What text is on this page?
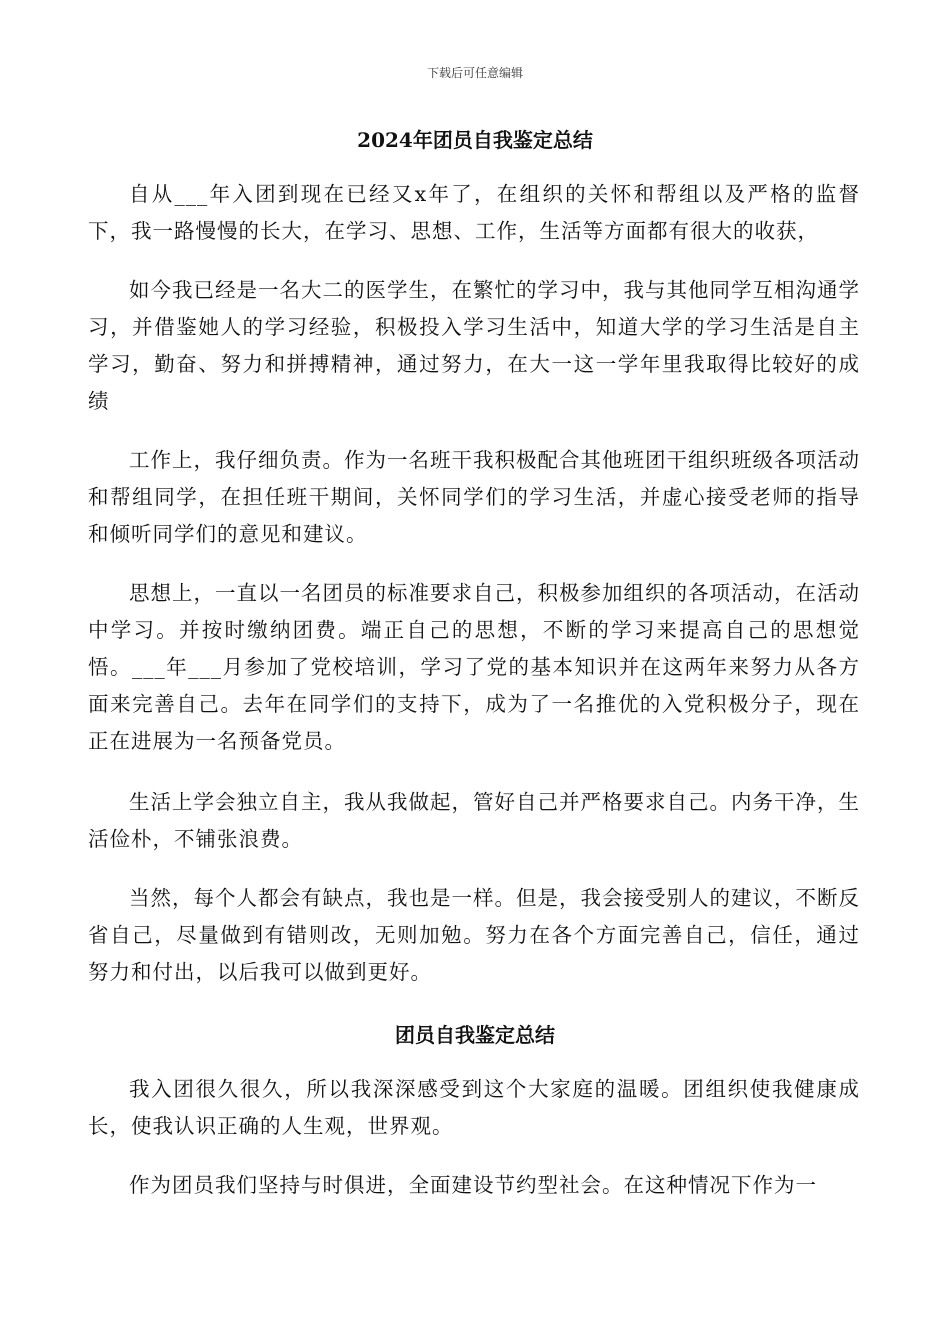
下载后可任意编辑
2024年团员自我鉴定总结

自从___年入团到现在已经又x年了，在组织的关怀和帮组以及严格的监督下，我一路慢慢的长大，在学习、思想、工作，生活等方面都有很大的收获，

如今我已经是一名大二的医学生，在繁忙的学习中，我与其他同学互相沟通学习，并借鉴她人的学习经验，积极投入学习生活中，知道大学的学习生活是自主学习，勤奋、努力和拼搏精神，通过努力，在大一这一学年里我取得比较好的成绩

工作上，我仔细负责。作为一名班干我积极配合其他班团干组织班级各项活动和帮组同学，在担任班干期间，关怀同学们的学习生活，并虚心接受老师的指导和倾听同学们的意见和建议。

思想上，一直以一名团员的标准要求自己，积极参加组织的各项活动，在活动中学习。并按时缴纳团费。端正自己的思想，不断的学习来提高自己的思想觉悟。___年___月参加了党校培训，学习了党的基本知识并在这两年来努力从各方面来完善自己。去年在同学们的支持下，成为了一名推优的入党积极分子，现在正在进展为一名预备党员。

生活上学会独立自主，我从我做起，管好自己并严格要求自己。内务干净，生活俭朴，不铺张浪费。

当然，每个人都会有缺点，我也是一样。但是，我会接受别人的建议，不断反省自己，尽量做到有错则改，无则加勉。努力在各个方面完善自己，信任，通过努力和付出，以后我可以做到更好。

团员自我鉴定总结

我入团很久很久，所以我深深感受到这个大家庭的温暖。团组织使我健康成长，使我认识正确的人生观，世界观。

作为团员我们坚持与时俱进，全面建设节约型社会。在这种情况下作为一
